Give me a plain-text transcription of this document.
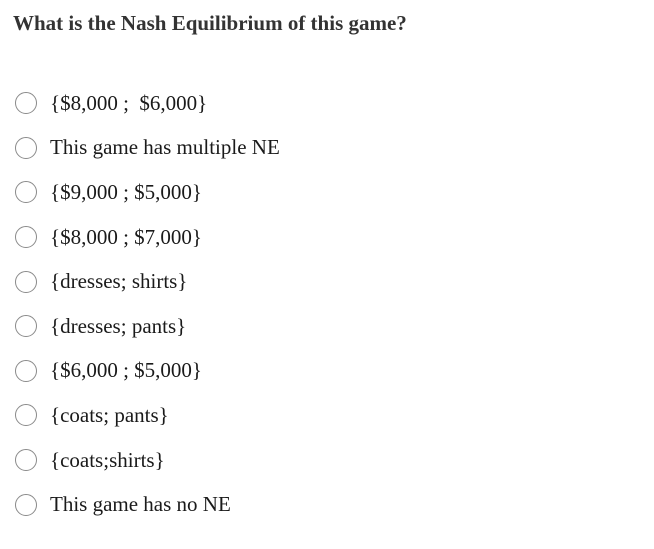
What is the Nash Equilibrium of this game?
{$8,000 ;  $6,000}
This game has multiple NE
{$9,000 ; $5,000}
{$8,000 ; $7,000}
{dresses; shirts}
{dresses; pants}
{$6,000 ; $5,000}
{coats; pants}
{coats;shirts}
This game has no NE
